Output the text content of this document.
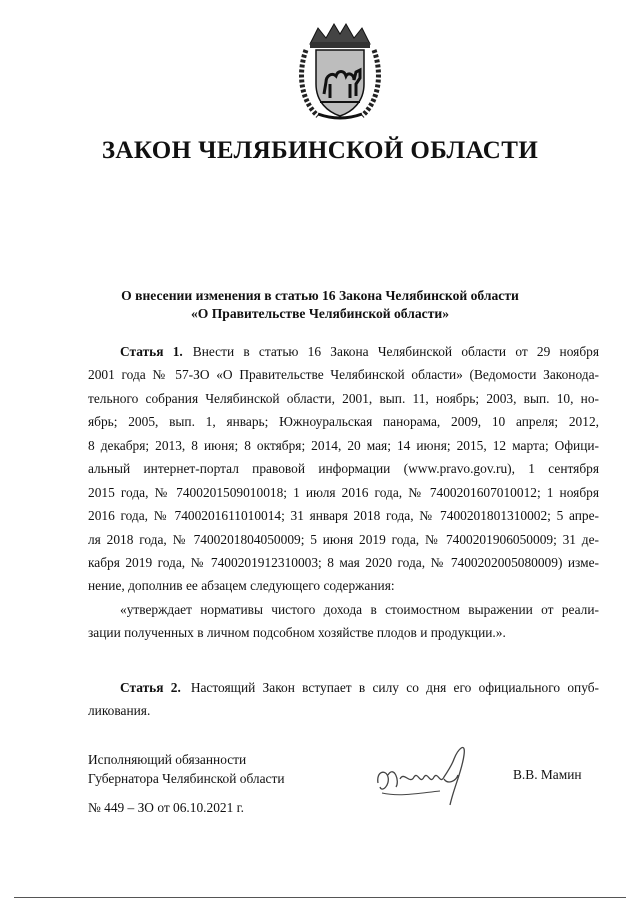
ЗАКОН ЧЕЛЯБИНСКОЙ ОБЛАСТИ
О внесении изменения в статью 16 Закона Челябинской области
«О Правительстве Челябинской области»
Статья 1. Внести в статью 16 Закона Челябинской области от 29 ноября
2001 года № 57-ЗО «О Правительстве Челябинской области» (Ведомости Законода-
тельного собрания Челябинской области, 2001, вып. 11, ноябрь; 2003, вып. 10, но-
ябрь; 2005, вып. 1, январь; Южноуральская панорама, 2009, 10 апреля; 2012,
8 декабря; 2013, 8 июня; 8 октября; 2014, 20 мая; 14 июня; 2015, 12 марта; Офици-
альный интернет-портал правовой информации (www.pravo.gov.ru), 1 сентября
2015 года, № 7400201509010018; 1 июля 2016 года, № 7400201607010012; 1 ноября
2016 года, № 7400201611010014; 31 января 2018 года, № 7400201801310002; 5 апре-
ля 2018 года, № 7400201804050009; 5 июня 2019 года, № 7400201906050009; 31 де-
кабря 2019 года, № 7400201912310003; 8 мая 2020 года, № 7400202005080009) изме-
нение, дополнив ее абзацем следующего содержания:
«утверждает нормативы чистого дохода в стоимостном выражении от реали-
зации полученных в личном подсобном хозяйстве плодов и продукции.».
Статья 2. Настоящий Закон вступает в силу со дня его официального опуб-
ликования.
Исполняющий обязанности
Губернатора Челябинской области	В.В. Мамин
№ 449 – ЗО от 06.10.2021 г.
